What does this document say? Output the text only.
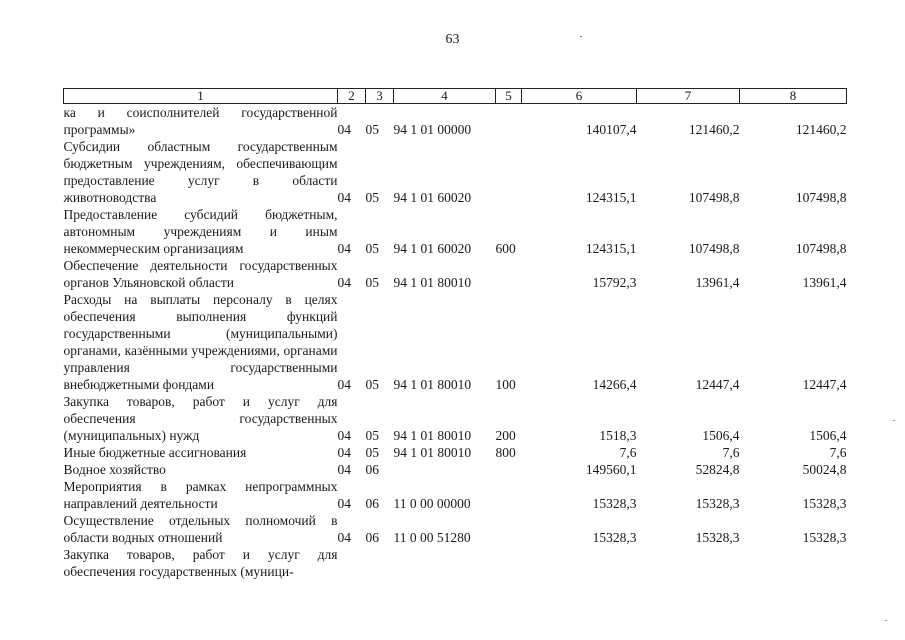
63
1	2	3	4	5	6	7	8
ка и соисполнителей государственной программы»	04	05	94 1 01 00000		140107,4	121460,2	121460,2
Субсидии областным государственным бюджетным учреждениям, обеспечивающим предоставление услуг в области животноводства	04	05	94 1 01 60020		124315,1	107498,8	107498,8
Предоставление субсидий бюджетным, автономным учреждениям и иным некоммерческим организациям	04	05	94 1 01 60020	600	124315,1	107498,8	107498,8
Обеспечение деятельности государственных органов Ульяновской области	04	05	94 1 01 80010		15792,3	13961,4	13961,4
Расходы на выплаты персоналу в целях обеспечения выполнения функций государственными (муниципальными) органами, казёнными учреждениями, органами управления государственными внебюджетными фондами	04	05	94 1 01 80010	100	14266,4	12447,4	12447,4
Закупка товаров, работ и услуг для обеспечения государственных (муниципальных) нужд	04	05	94 1 01 80010	200	1518,3	1506,4	1506,4
Иные бюджетные ассигнования	04	05	94 1 01 80010	800	7,6	7,6	7,6
Водное хозяйство	04	06			149560,1	52824,8	50024,8
Мероприятия в рамках непрограммных направлений деятельности	04	06	11 0 00 00000		15328,3	15328,3	15328,3
Осуществление отдельных полномочий в области водных отношений	04	06	11 0 00 51280		15328,3	15328,3	15328,3
Закупка товаров, работ и услуг для обеспечения государственных (муници-							
